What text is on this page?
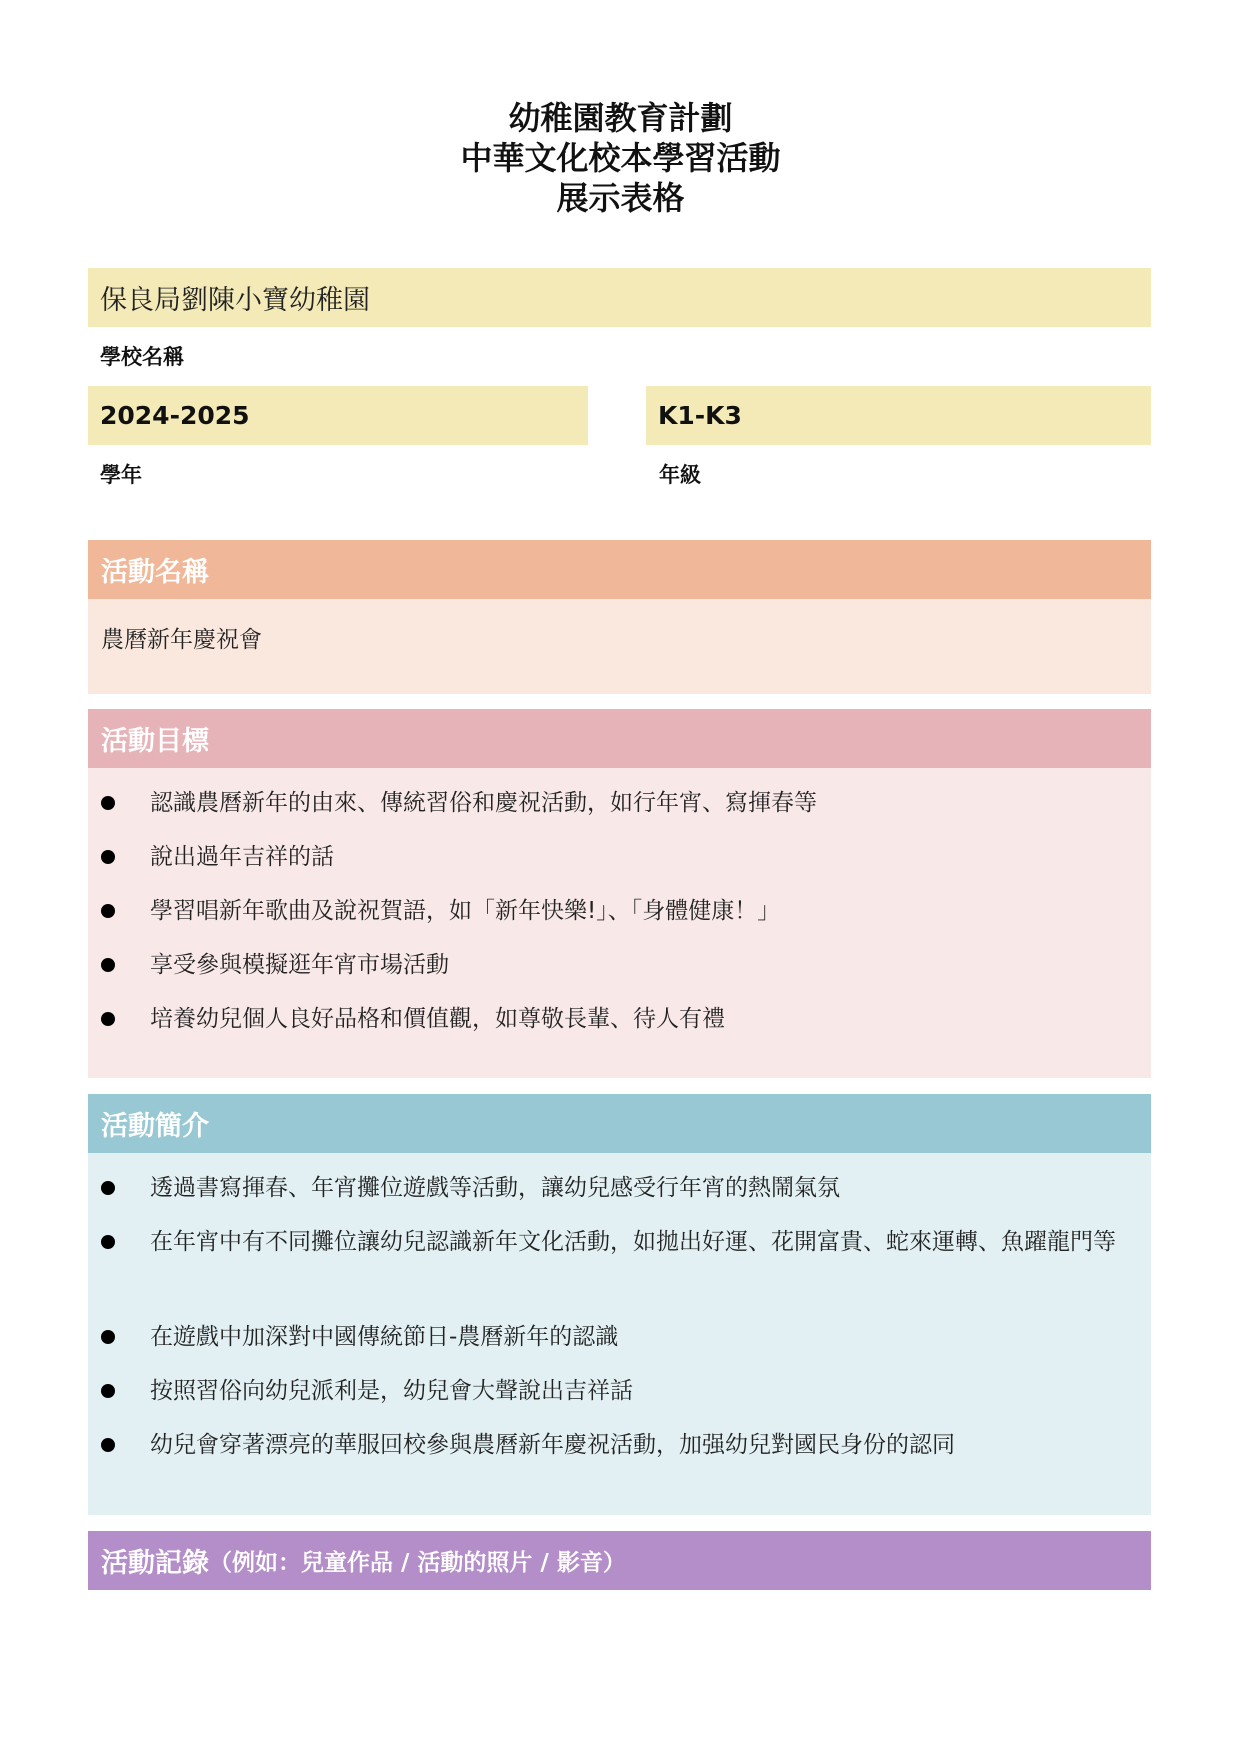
幼稚園教育計劃
中華文化校本學習活動
展示表格
保良局劉陳小寶幼稚園
學校名稱
2024-2025
學年
K1-K3
年級
活動名稱
農曆新年慶祝會
活動目標
認識農曆新年的由來、傳統習俗和慶祝活動，如行年宵、寫揮春等
說出過年吉祥的話
學習唱新年歌曲及說祝賀語，如「新年快樂!」、「身體健康！」
享受參與模擬逛年宵市場活動
培養幼兒個人良好品格和價值觀，如尊敬長輩、待人有禮
活動簡介
透過書寫揮春、年宵攤位遊戲等活動，讓幼兒感受行年宵的熱鬧氣氛
在年宵中有不同攤位讓幼兒認識新年文化活動，如拋出好運、花開富貴、蛇來運轉、魚躍龍門等
在遊戲中加深對中國傳統節日-農曆新年的認識
按照習俗向幼兒派利是，幼兒會大聲說出吉祥話
幼兒會穿著漂亮的華服回校參與農曆新年慶祝活動，加强幼兒對國民身份的認同
活動記錄 （例如：兒童作品 / 活動的照片 / 影音）
